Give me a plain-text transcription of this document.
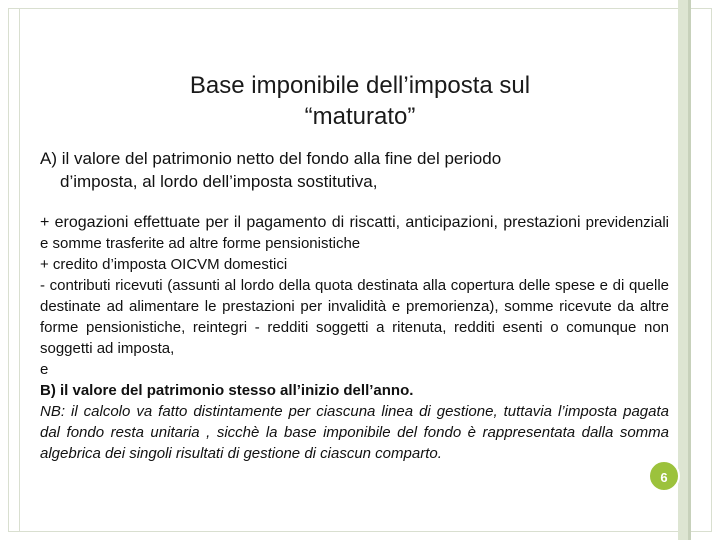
Base imponibile dell’imposta sul
“maturato”
A) il valore del patrimonio netto del fondo alla fine del periodo
d’imposta, al lordo dell’imposta sostitutiva,

+ erogazioni effettuate per il pagamento di riscatti, anticipazioni, prestazioni previdenziali e somme trasferite ad altre forme pensionistiche

+ credito d’imposta OICVM domestici

- contributi ricevuti (assunti al lordo della quota destinata alla copertura delle spese e di quelle destinate ad alimentare le prestazioni per invalidità e premorienza), somme ricevute da altre forme pensionistiche, reintegri - redditi soggetti a ritenuta, redditi esenti o comunque non soggetti ad imposta,

e

B) il valore del patrimonio stesso all’inizio dell’anno.

NB: il calcolo va fatto distintamente per ciascuna linea di gestione, tuttavia l’imposta pagata dal fondo resta unitaria , sicchè la base imponibile del fondo è rappresentata dalla somma algebrica dei singoli risultati di gestione di ciascun comparto.

6
